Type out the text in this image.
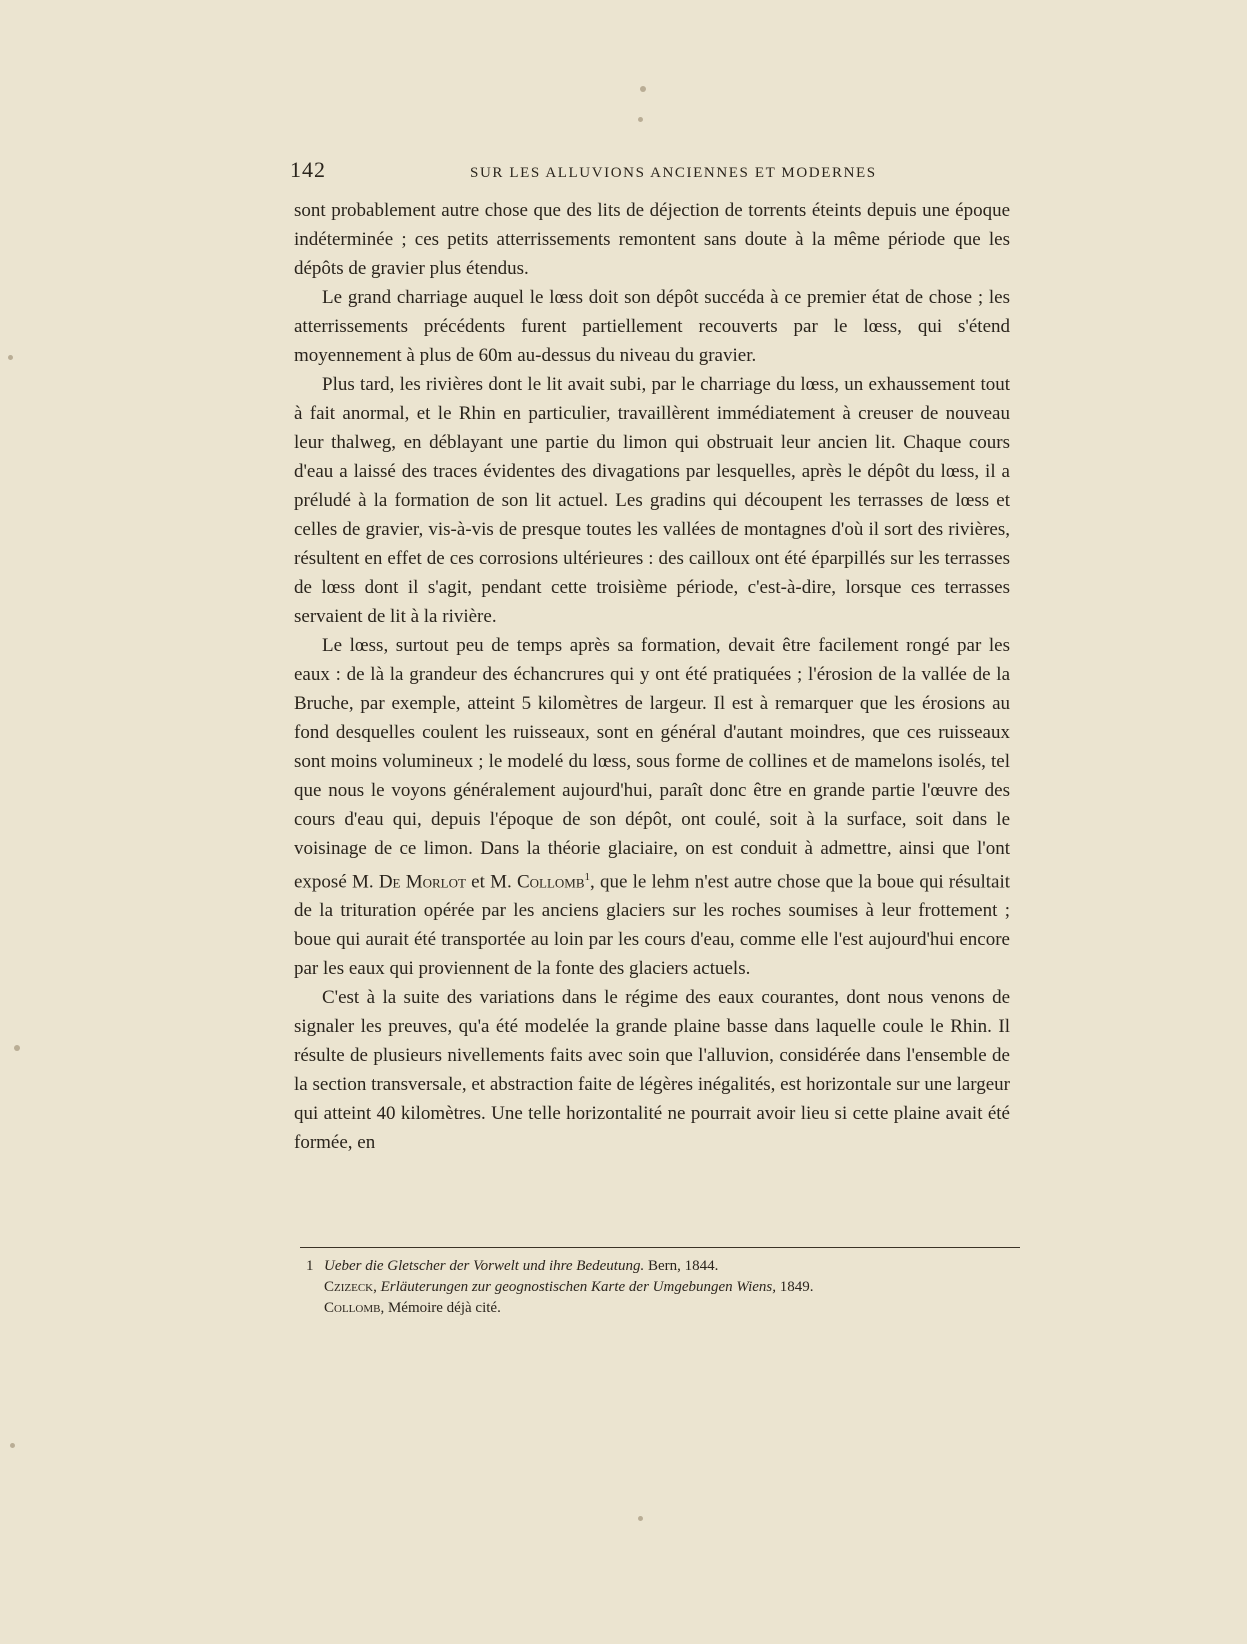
142	SUR LES ALLUVIONS ANCIENNES ET MODERNES

sont probablement autre chose que des lits de déjection de torrents éteints depuis une époque indéterminée ; ces petits atterrissements remontent sans doute à la même période que les dépôts de gravier plus étendus.

Le grand charriage auquel le lœss doit son dépôt succéda à ce premier état de chose ; les atterrissements précédents furent partiellement recouverts par le lœss, qui s'étend moyennement à plus de 60m au-dessus du niveau du gravier.

Plus tard, les rivières dont le lit avait subi, par le charriage du lœss, un exhaussement tout à fait anormal, et le Rhin en particulier, travaillèrent immédiatement à creuser de nouveau leur thalweg, en déblayant une partie du limon qui obstruait leur ancien lit. Chaque cours d'eau a laissé des traces évidentes des divagations par lesquelles, après le dépôt du lœss, il a préludé à la formation de son lit actuel. Les gradins qui découpent les terrasses de lœss et celles de gravier, vis-à-vis de presque toutes les vallées de montagnes d'où il sort des rivières, résultent en effet de ces corrosions ultérieures : des cailloux ont été éparpillés sur les terrasses de lœss dont il s'agit, pendant cette troisième période, c'est-à-dire, lorsque ces terrasses servaient de lit à la rivière.

Le lœss, surtout peu de temps après sa formation, devait être facilement rongé par les eaux : de là la grandeur des échancrures qui y ont été pratiquées ; l'érosion de la vallée de la Bruche, par exemple, atteint 5 kilomètres de largeur. Il est à remarquer que les érosions au fond desquelles coulent les ruisseaux, sont en général d'autant moindres, que ces ruisseaux sont moins volumineux ; le modelé du lœss, sous forme de collines et de mamelons isolés, tel que nous le voyons généralement aujourd'hui, paraît donc être en grande partie l'œuvre des cours d'eau qui, depuis l'époque de son dépôt, ont coulé, soit à la surface, soit dans le voisinage de ce limon. Dans la théorie glaciaire, on est conduit à admettre, ainsi que l'ont exposé M. De Morlot et M. Collomb$^1$, que le lehm n'est autre chose que la boue qui résultait de la trituration opérée par les anciens glaciers sur les roches soumises à leur frottement ; boue qui aurait été transportée au loin par les cours d'eau, comme elle l'est aujourd'hui encore par les eaux qui proviennent de la fonte des glaciers actuels.

C'est à la suite des variations dans le régime des eaux courantes, dont nous venons de signaler les preuves, qu'a été modelée la grande plaine basse dans laquelle coule le Rhin. Il résulte de plusieurs nivellements faits avec soin que l'alluvion, considérée dans l'ensemble de la section transversale, et abstraction faite de légères inégalités, est horizontale sur une largeur qui atteint 40 kilomètres. Une telle horizontalité ne pourrait avoir lieu si cette plaine avait été formée, en

1 Ueber die Gletscher der Vorwelt und ihre Bedeutung. Bern, 1844.

Czizeck, Erläuterungen zur geognostischen Karte der Umgebungen Wiens, 1849.

Collomb, Mémoire déjà cité.
